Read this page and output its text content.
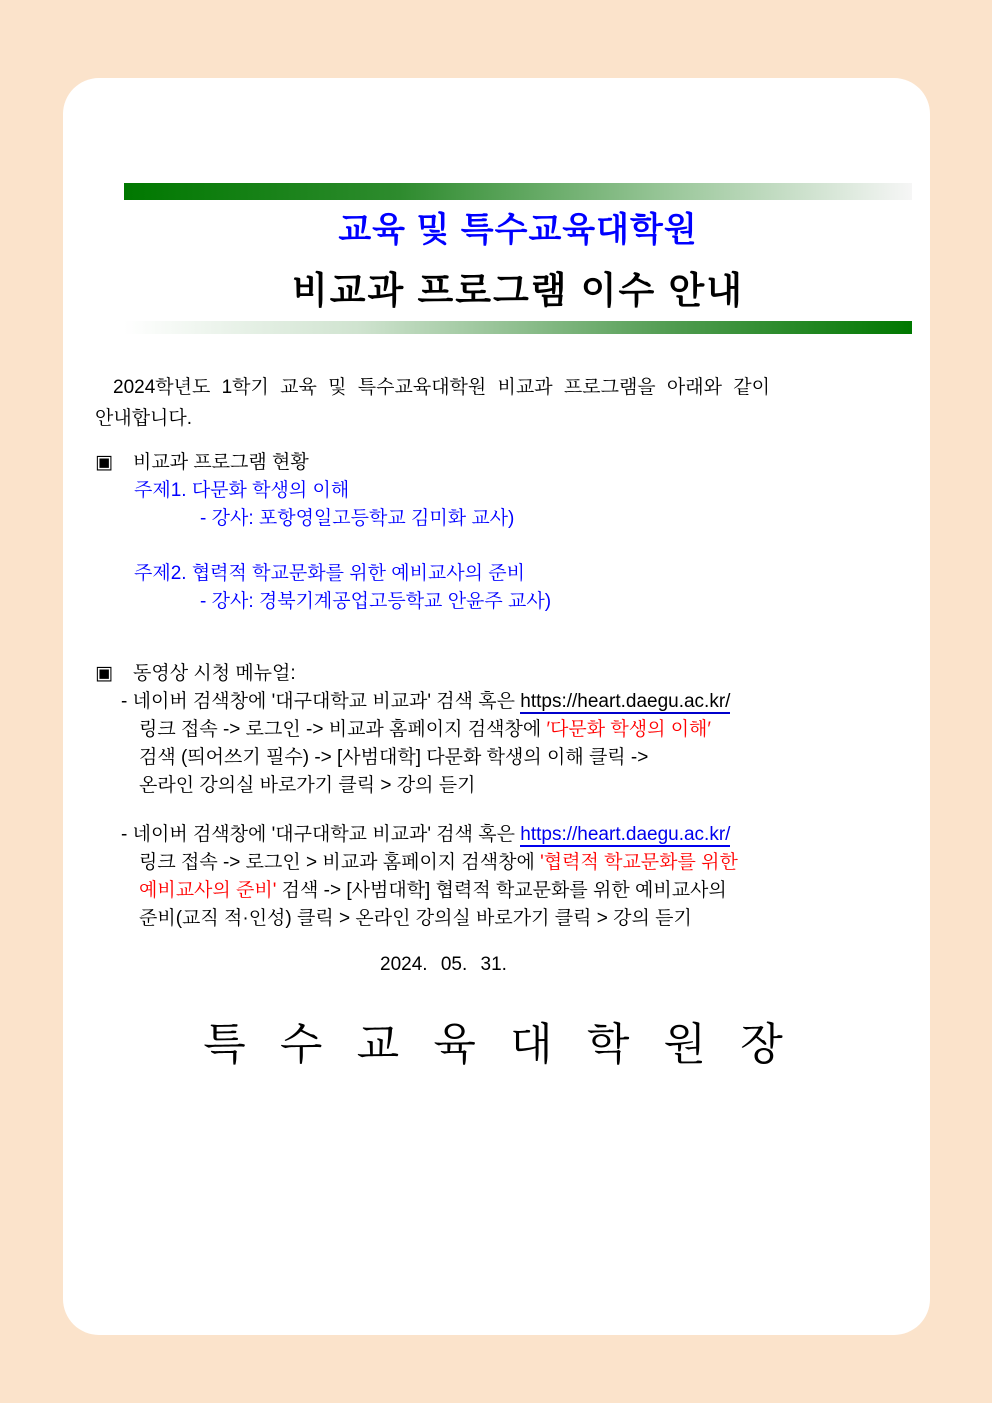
교육 및 특수교육대학원
비교과 프로그램 이수 안내

2024학년도 1학기 교육 및 특수교육대학원 비교과 프로그램을 아래와 같이
안내합니다.

▣	비교과 프로그램 현황
주제1. 다문화 학생의 이해
- 강사: 포항영일고등학교 김미화 교사)
주제2. 협력적 학교문화를 위한 예비교사의 준비
- 강사: 경북기계공업고등학교 안윤주 교사)
▣	동영상 시청 메뉴얼:
- 네이버 검색창에 '대구대학교 비교과' 검색 혹은 https://heart.daegu.ac.kr/
링크 접속 -> 로그인 -> 비교과 홈페이지 검색창에 ′다문화 학생의 이해′
검색 (띄어쓰기 필수) -> [사범대학] 다문화 학생의 이해 클릭 ->
온라인 강의실 바로가기 클릭 > 강의 듣기
- 네이버 검색창에 '대구대학교 비교과' 검색 혹은 https://heart.daegu.ac.kr/
링크 접속 -> 로그인 > 비교과 홈페이지 검색창에 '협력적 학교문화를 위한
예비교사의 준비' 검색 -> [사범대학] 협력적 학교문화를 위한 예비교사의
준비(교직 적·인성) 클릭 > 온라인 강의실 바로가기 클릭 > 강의 듣기
2024. 05. 31.
특 수 교 육 대 학 원 장
